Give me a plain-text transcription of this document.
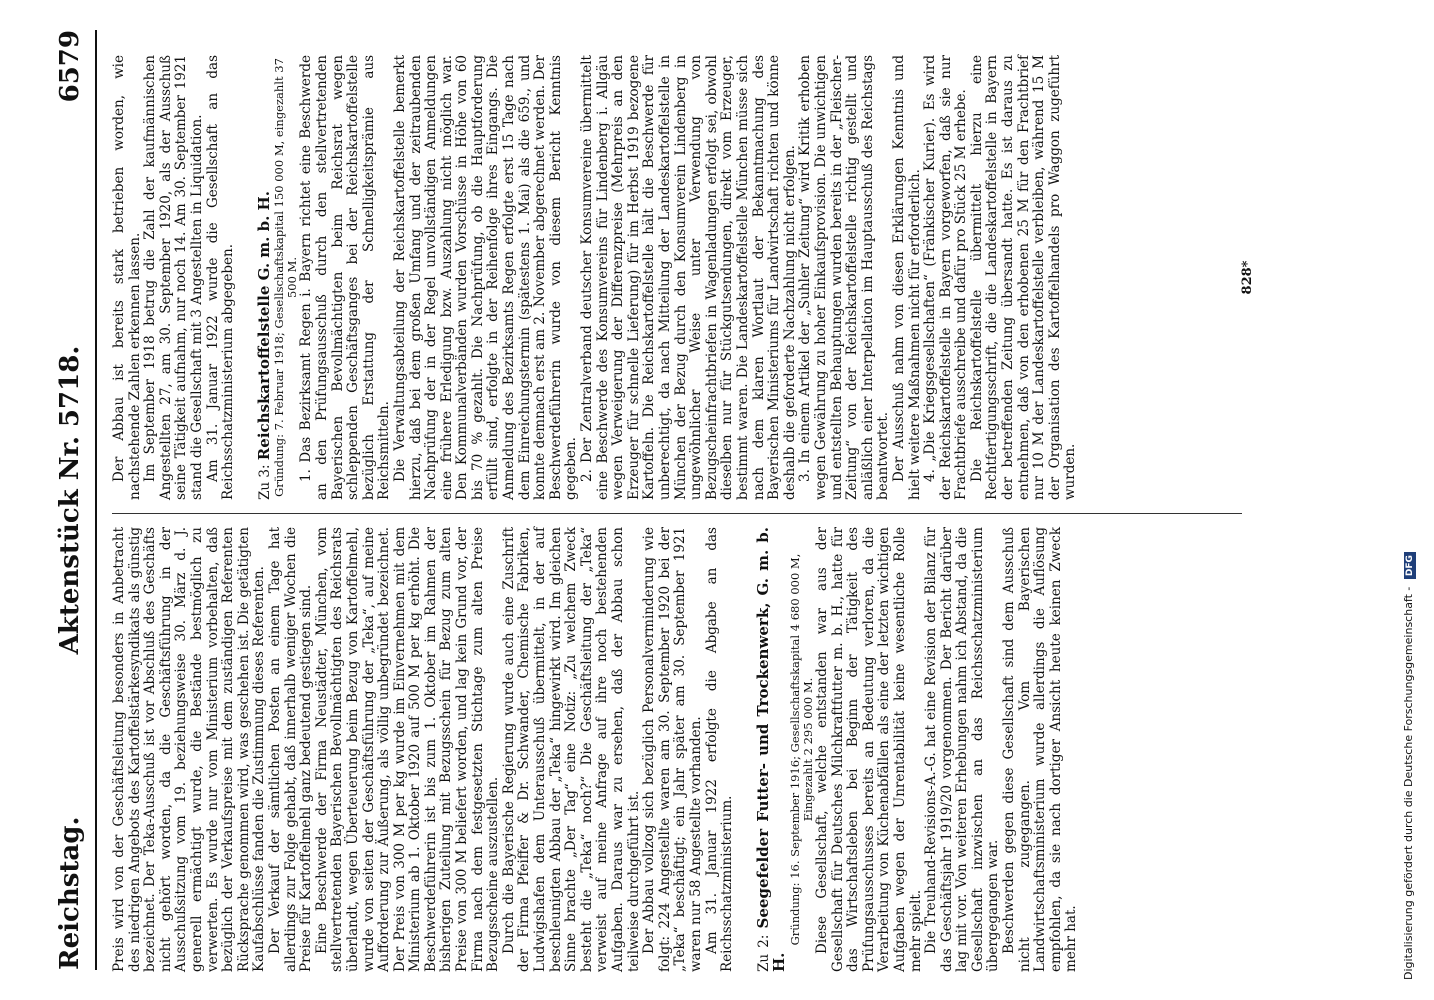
Reichstag.
Aktenstück Nr. 5718.
6579

Preis wird von der Geschäftsleitung besonders in Anbetracht des niedrigen Angebots des Kartoffelstärkesyndikats als günstig bezeichnet. Der Teka-Ausschuß ist vor Abschluß des Geschäfts nicht gehört worden, da die Geschäftsführung in der Ausschußsitzung vom 19. beziehungsweise 30. März d. J. generell ermächtigt wurde, die Bestände bestmöglich zu verwerten. Es wurde nur vom Ministerium vorbehalten, daß bezüglich der Verkaufspreise mit dem zuständigen Referenten Rücksprache genommen wird, was geschehen ist. Die getätigten Kaufabschlüsse fanden die Zustimmung dieses Referenten. Der Verkauf der sämtlichen Posten an einem Tage hat allerdings zur Folge gehabt, daß innerhalb weniger Wochen die Preise für Kartoffelmehl ganz bedeutend gestiegen sind. Eine Beschwerde der Firma Neustädter, München, vom stellvertretenden Bayerischen Bevollmächtigten des Reichsrats überlandt, wegen Überteuerung beim Bezug von Kartoffelmehl, wurde von seiten der Geschäftsführung der „Teka“, auf meine Aufforderung zur Äußerung, als völlig unbegründet bezeichnet. Der Preis von 300 M per kg wurde im Einvernehmen mit dem Ministerium ab 1. Oktober 1920 auf 500 M per kg erhöht. Die Beschwerdeführerin ist bis zum 1. Oktober im Rahmen der bisherigen Zuteilung mit Bezugsschein für Bezug zum alten Preise von 300 M beliefert worden, und lag kein Grund vor, der Firma nach dem festgesetzten Stichtage zum alten Preise Bezugsscheine auszustellen. Durch die Bayerische Regierung wurde auch eine Zuschrift der Firma Pfeiffer & Dr. Schwander, Chemische Fabriken, Ludwigshafen dem Unterausschuß übermittelt, in der auf beschleunigten Abbau der „Teka“ hingewirkt wird. Im gleichen Sinne brachte „Der Tag“ eine Notiz: „Zu welchem Zweck besteht die „Teka“ noch?“ Die Geschäftsleitung der „Teka“ verweist auf meine Anfrage auf ihre noch bestehenden Aufgaben. Daraus war zu ersehen, daß der Abbau schon teilweise durchgeführt ist. Der Abbau vollzog sich bezüglich Personalverminderung wie folgt: 224 Angestellte waren am 30. September 1920 bei der „Teka“ beschäftigt; ein Jahr später am 30. September 1921 waren nur 58 Angestellte vorhanden. Am 31. Januar 1922 erfolgte die Abgabe an das Reichsschatzministerium. Zu 2: Seegefelder Futter- und Trockenwerk, G. m. b. H.

Gründung: 16. September 1916; Gesellschaftskapital 4 680 000 M, Eingezahlt 2 295 000 M. Diese Gesellschaft, welche entstanden war aus der Gesellschaft für Deutsches Milchkraftfutter m. b. H., hatte für das Wirtschaftsleben bei Beginn der Tätigkeit des Prüfungsausschusses bereits an Bedeutung verloren, da die Verarbeitung von Küchenabfällen als eine der letzten wichtigen Aufgaben wegen der Unrentabilität keine wesentliche Rolle mehr spielt. Die Treuhand-Revisions-A.-G. hat eine Revision der Bilanz für das Geschäftsjahr 1919/20 vorgenommen. Der Bericht darüber lag mit vor. Von weiteren Erhebungen nahm ich Abstand, da die Gesellschaft inzwischen an das Reichsschatzministerium übergegangen war. Beschwerden gegen diese Gesellschaft sind dem Ausschuß nicht zugegangen. Vom Bayerischen Landwirtschaftsministerium wurde allerdings die Auflösung empfohlen, da sie nach dortiger Ansicht heute keinen Zweck mehr hat.

Der Abbau ist bereits stark betrieben worden, wie nachstehende Zahlen erkennen lassen. Im September 1918 betrug die Zahl der kaufmännischen Angestellten 27, am 30. September 1920, als der Ausschuß seine Tätigkeit aufnahm, nur noch 14. Am 30. September 1921 stand die Gesellschaft mit 3 Angestellten in Liquidation. Am 31. Januar 1922 wurde die Gesellschaft an das Reichsschatzministerium abgegeben. Zu 3: Reichskartoffelstelle G. m. b. H. Gründung: 7. Februar 1918; Gesellschaftskapital 150 000 M, eingezahlt 37 500 M. 1. Das Bezirksamt Regen i. Bayern richtet eine Beschwerde an den Prüfungsausschuß durch den stellvertretenden Bayerischen Bevollmächtigten beim Reichsrat wegen schleppenden Geschäftsganges bei der Reichskartoffelstelle bezüglich Erstattung der Schnelligkeitsprämie aus Reichsmitteln. Die Verwaltungsabteilung der Reichskartoffelstelle bemerkt hierzu, daß bei dem großen Umfang und der zeitraubenden Nachprüfung der in der Regel unvollständigen Anmeldungen eine frühere Erledigung bzw. Auszahlung nicht möglich war. Den Kommunalverbänden wurden Vorschüsse in Höhe von 60 bis 70 % gezahlt. Die Nachprüfung, ob die Hauptforderung erfüllt sind, erfolgte in der Reihenfolge ihres Eingangs. Die Anmeldung des Bezirksamts Regen erfolgte erst 15 Tage nach dem Einreichungstermin (spätestens 1. Mai) als die 659., und konnte demnach erst am 2. November abgerechnet werden. Der Beschwerdeführerin wurde von diesem Bericht Kenntnis gegeben. 2. Der Zentralverband deutscher Konsumvereine übermittelt eine Beschwerde des Konsumvereins für Lindenberg i. Allgäu wegen Verweigerung der Differenzpreise (Mehrpreis an den Erzeuger für schnelle Lieferung) für im Herbst 1919 bezogene Kartoffeln. Die Reichskartoffelstelle hält die Beschwerde für unberechtigt, da nach Mitteilung der Landeskartoffelstelle in München der Bezug durch den Konsumverein Lindenberg in ungewöhnlicher Weise unter Verwendung von Bezugscheinfrachtbriefen in Wagenladungen erfolgt sei, obwohl dieselben nur für Stückgutsendungen, direkt vom Erzeuger, bestimmt waren. Die Landeskartoffelstelle München müsse sich nach dem klaren Wortlaut der Bekanntmachung des Bayerischen Ministeriums für Landwirtschaft richten und könne deshalb die geforderte Nachzahlung nicht erfolgen. 3. In einem Artikel der „Suhler Zeitung“ wird Kritik erhoben wegen Gewährung zu hoher Einkaufsprovision. Die unwichtigen und entstellten Behauptungen wurden bereits in der „Fleischer-Zeitung“ von der Reichskartoffelstelle richtig gestellt und anläßlich einer Interpellation im Hauptausschuß des Reichstags beantwortet. Der Ausschuß nahm von diesen Erklärungen Kenntnis und hielt weitere Maßnahmen nicht für erforderlich. 4. „Die Kriegsgesellschaften“ (Fränkischer Kurier). Es wird der Reichskartoffelstelle in Bayern vorgeworfen, daß sie nur Frachtbriefe ausschreibe und dafür pro Stück 25 M erhebe. Die Reichskartoffelstelle übermittelt hierzu eine Rechtfertigungsschrift, die die Landeskartoffelstelle in Bayern der betreffenden Zeitung übersandt hatte. Es ist daraus zu entnehmen, daß von den erhobenen 25 M für den Frachtbrief nur 10 M der Landeskartoffelstelle verbleiben, während 15 M der Organisation des Kartoffelhandels pro Waggon zugeführt wurden.

828*
Digitalisierung gefördert durch die Deutsche Forschungsgemeinschaft - DFG
